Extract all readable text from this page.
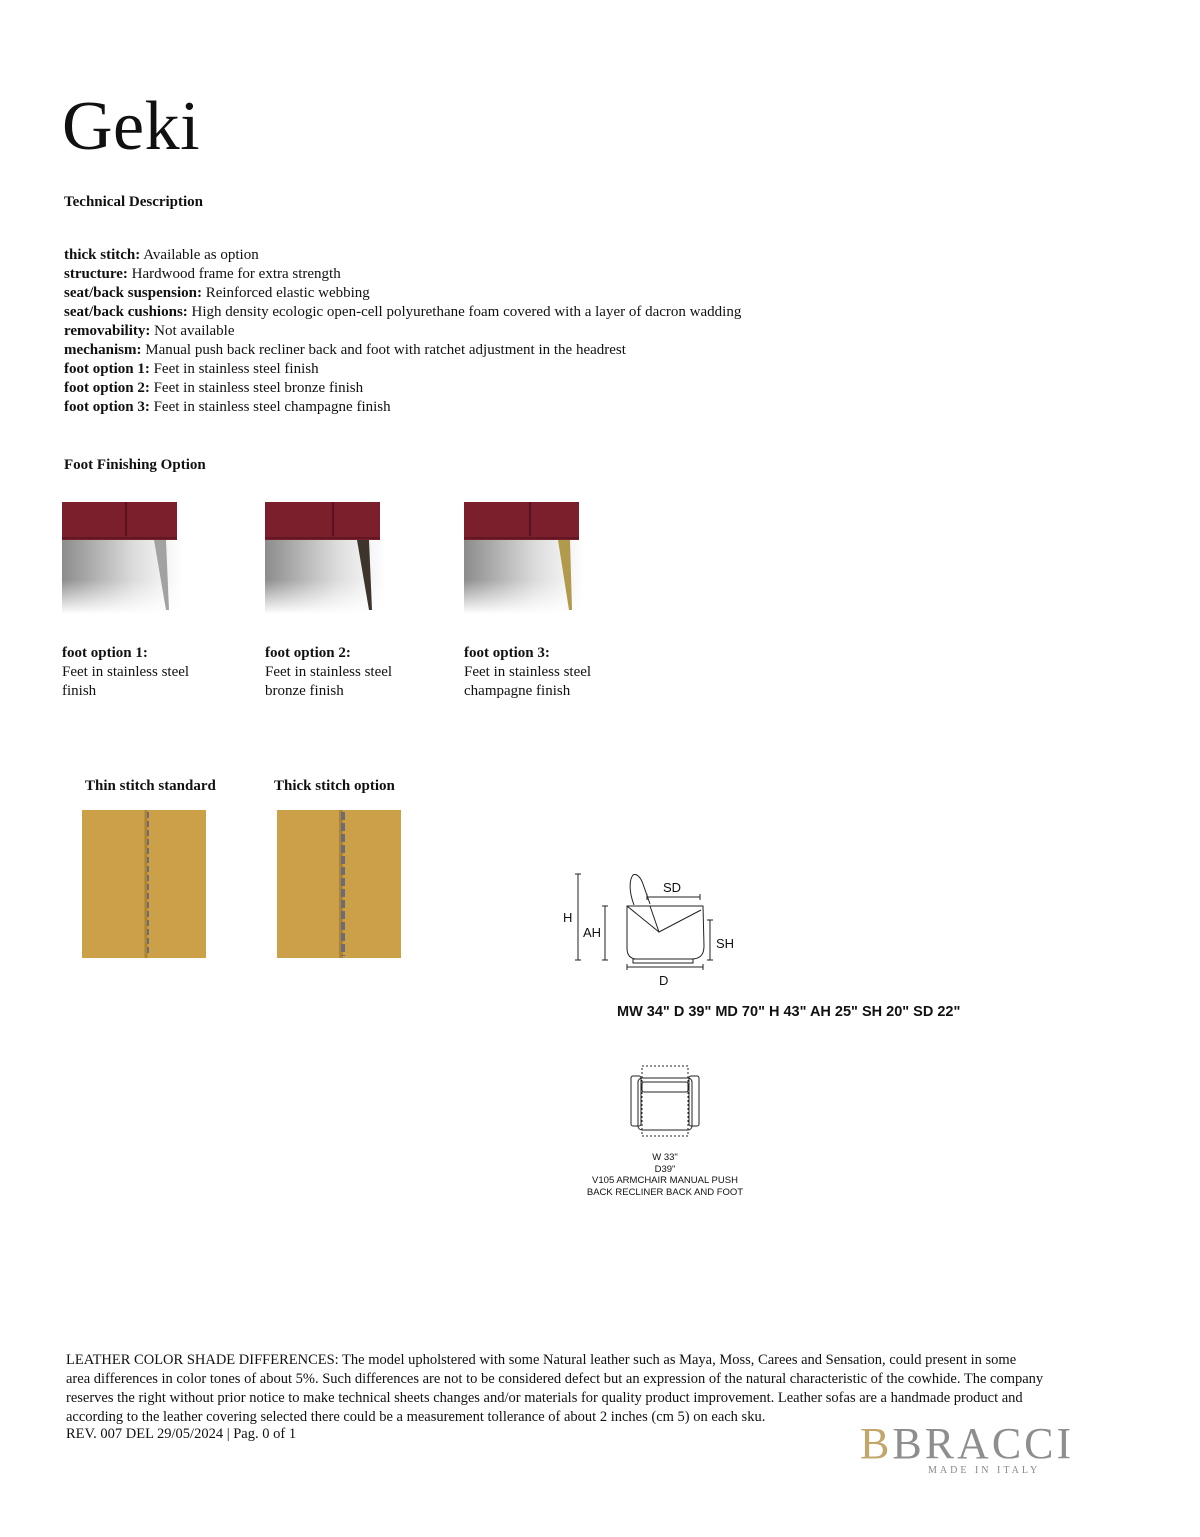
Geki
Technical Description
thick stitch: Available as option
structure: Hardwood frame for extra strength
seat/back suspension: Reinforced elastic webbing
seat/back cushions: High density ecologic open-cell polyurethane foam covered with a layer of dacron wadding
removability: Not available
mechanism: Manual push back recliner back and foot with ratchet adjustment in the headrest
foot option 1: Feet in stainless steel finish
foot option 2: Feet in stainless steel bronze finish
foot option 3: Feet in stainless steel champagne finish
Foot Finishing Option
foot option 1:
Feet in stainless steel
finish
foot option 2:
Feet in stainless steel
bronze finish
foot option 3:
Feet in stainless steel
champagne finish
Thin stitch standard	Thick stitch option
H
AH
SD
SH
D
MW 34" D 39" MD 70" H 43" AH 25" SH 20" SD 22"
W 33"
D39"
V105 ARMCHAIR MANUAL PUSH
BACK RECLINER BACK AND FOOT
LEATHER COLOR SHADE DIFFERENCES: The model upholstered with some Natural leather such as Maya, Moss, Carees and Sensation, could present in some
area differences in color tones of about 5%. Such differences are not to be considered defect but an expression of the natural characteristic of the cowhide. The company
reserves the right without prior notice to make technical sheets changes and/or materials for quality product improvement. Leather sofas are a handmade product and
according to the leather covering selected there could be a measurement tollerance of about 2 inches (cm 5) on each sku.
REV. 007 DEL 29/05/2024 | Pag. 0 of 1	BBRACCI
MADE IN ITALY
